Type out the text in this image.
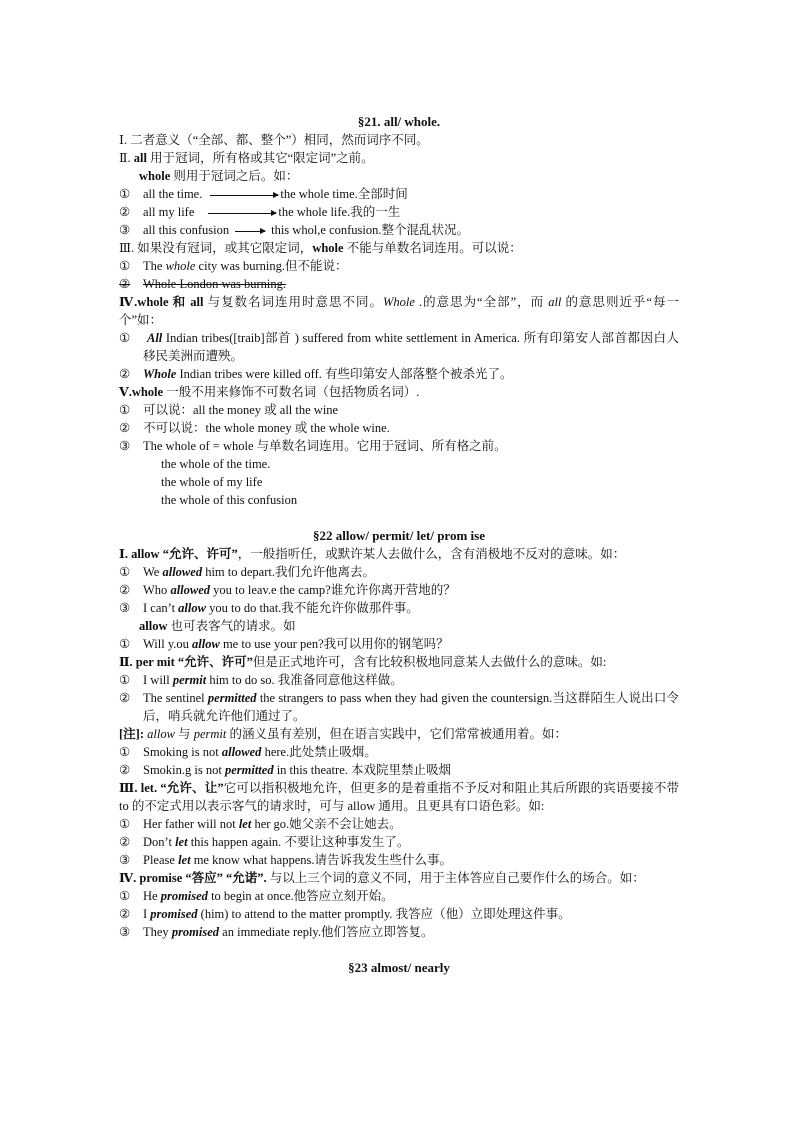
§21. all/ whole.

Ⅰ. 二者意义（“全部、都、整个”）相同，然而词序不同。

Ⅱ. all 用于冠词，所有格或其它“限定词”之前。

whole 则用于冠词之后。如：

① all the time.	the whole time.全部时间

② all my life	the whole life.我的一生

③ all this confusion	this whol,e confusion.整个混乱状况。

Ⅲ. 如果没有冠词，或其它限定词，whole 不能与单数名词连用。可以说：

① The whole city was burning.但不能说：

② Whole London was burning.

Ⅳ.whole 和 all 与复数名词连用时意思不同。Whole .的意思为“全部”，而 all 的意思则近乎“每一个”如：

① All Indian tribes([traib]部首 ) suffered from white settlement in America. 所有印第安人部首都因白人移民美洲而遭殃。

② Whole Indian tribes were killed off. 有些印第安人部落整个被杀光了。

Ⅴ.whole 一般不用来修饰不可数名词（包括物质名词）.

① 可以说：all the money 或 all the wine

② 不可以说：the whole money 或 the whole wine.

③ The whole of = whole 与单数名词连用。它用于冠词、所有格之前。

the whole of the time.

the whole of my life

the whole of this confusion

§22 allow/ permit/ let/ prom ise

Ⅰ. allow “允许、许可”，一般指听任，或默许某人去做什么，含有消极地不反对的意味。如：

① We allowed him to depart.我们允许他离去。

② Who allowed you to leav.e the camp?谁允许你离开营地的？

③ I can’t allow you to do that.我不能允许你做那件事。

allow 也可表客气的请求。如

① Will y.ou allow me to use your pen?我可以用你的钢笔吗？

Ⅱ. per mit “允许、许可”但是正式地许可，含有比较积极地同意某人去做什么的意味。如:

① I will permit him to do so. 我准备同意他这样做。

② The sentinel permitted the strangers to pass when they had given the countersign.当这群陌生人说出口令后，哨兵就允许他们通过了。

[注]: allow 与 permit 的涵义虽有差别，但在语言实践中，它们常常被通用着。如：

① Smoking is not allowed here.此处禁止吸烟。

② Smokin.g is not permitted in this theatre. 本戏院里禁止吸烟

Ⅲ. let. “允许、让”它可以指积极地允许，但更多的是着重指不予反对和阻止其后所跟的宾语要接不带 to 的不定式用以表示客气的请求时，可与 allow 通用。且更具有口语色彩。如:

① Her father will not let her go.她父亲不会让她去。

② Don’t let this happen again. 不要让这种事发生了。

③ Please let me know what happens.请告诉我发生些什么事。

Ⅳ. promise “答应” “允诺”. 与以上三个词的意义不同，用于主体答应自己要作什么的场合。如：

① He promised to begin at once.他答应立刻开始。

② I promised (him) to attend to the matter promptly. 我答应（他）立即处理这件事。

③ They promised an immediate reply.他们答应立即答复。

§23 almost/ nearly
